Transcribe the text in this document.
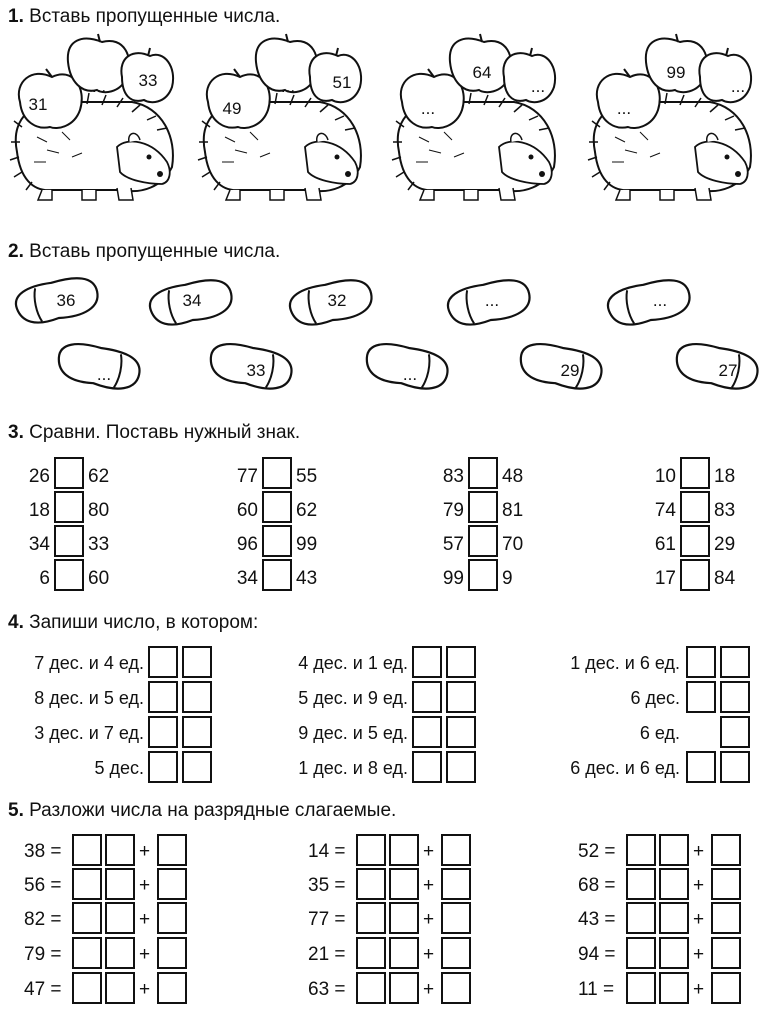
1. Вставь пропущенные числа.
31
... 33
49
... 51
...
64
...
...
99
...
2. Вставь пропущенные числа.
36	34	32	...	...
...	33	...	29	27
3. Сравни. Поставь нужный знак.
26 62
18 80
34 33
6 60
77 55
60 62
96 99
34 43
83 48
79 81
57 70
99 9
10 18
74 83
61 29
17 84
4. Запиши число, в котором:
7 дес. и 4 ед.
8 дес. и 5 ед.
3 дес. и 7 ед.
5 дес.
4 дес. и 1 ед.
5 дес. и 9 ед.
9 дес. и 5 ед.
1 дес. и 8 ед.
1 дес. и 6 ед.
6 дес.
6 ед.
6 дес. и 6 ед.
5. Разложи числа на разрядные слагаемые.
38 =	+
56 =	+
82 =	+
79 =	+
47 =	+
14 =	+
35 =	+
77 =	+
21 =	+
63 =	+
52 =	+
68 =	+
43 =	+
94 =	+
11 =	+
